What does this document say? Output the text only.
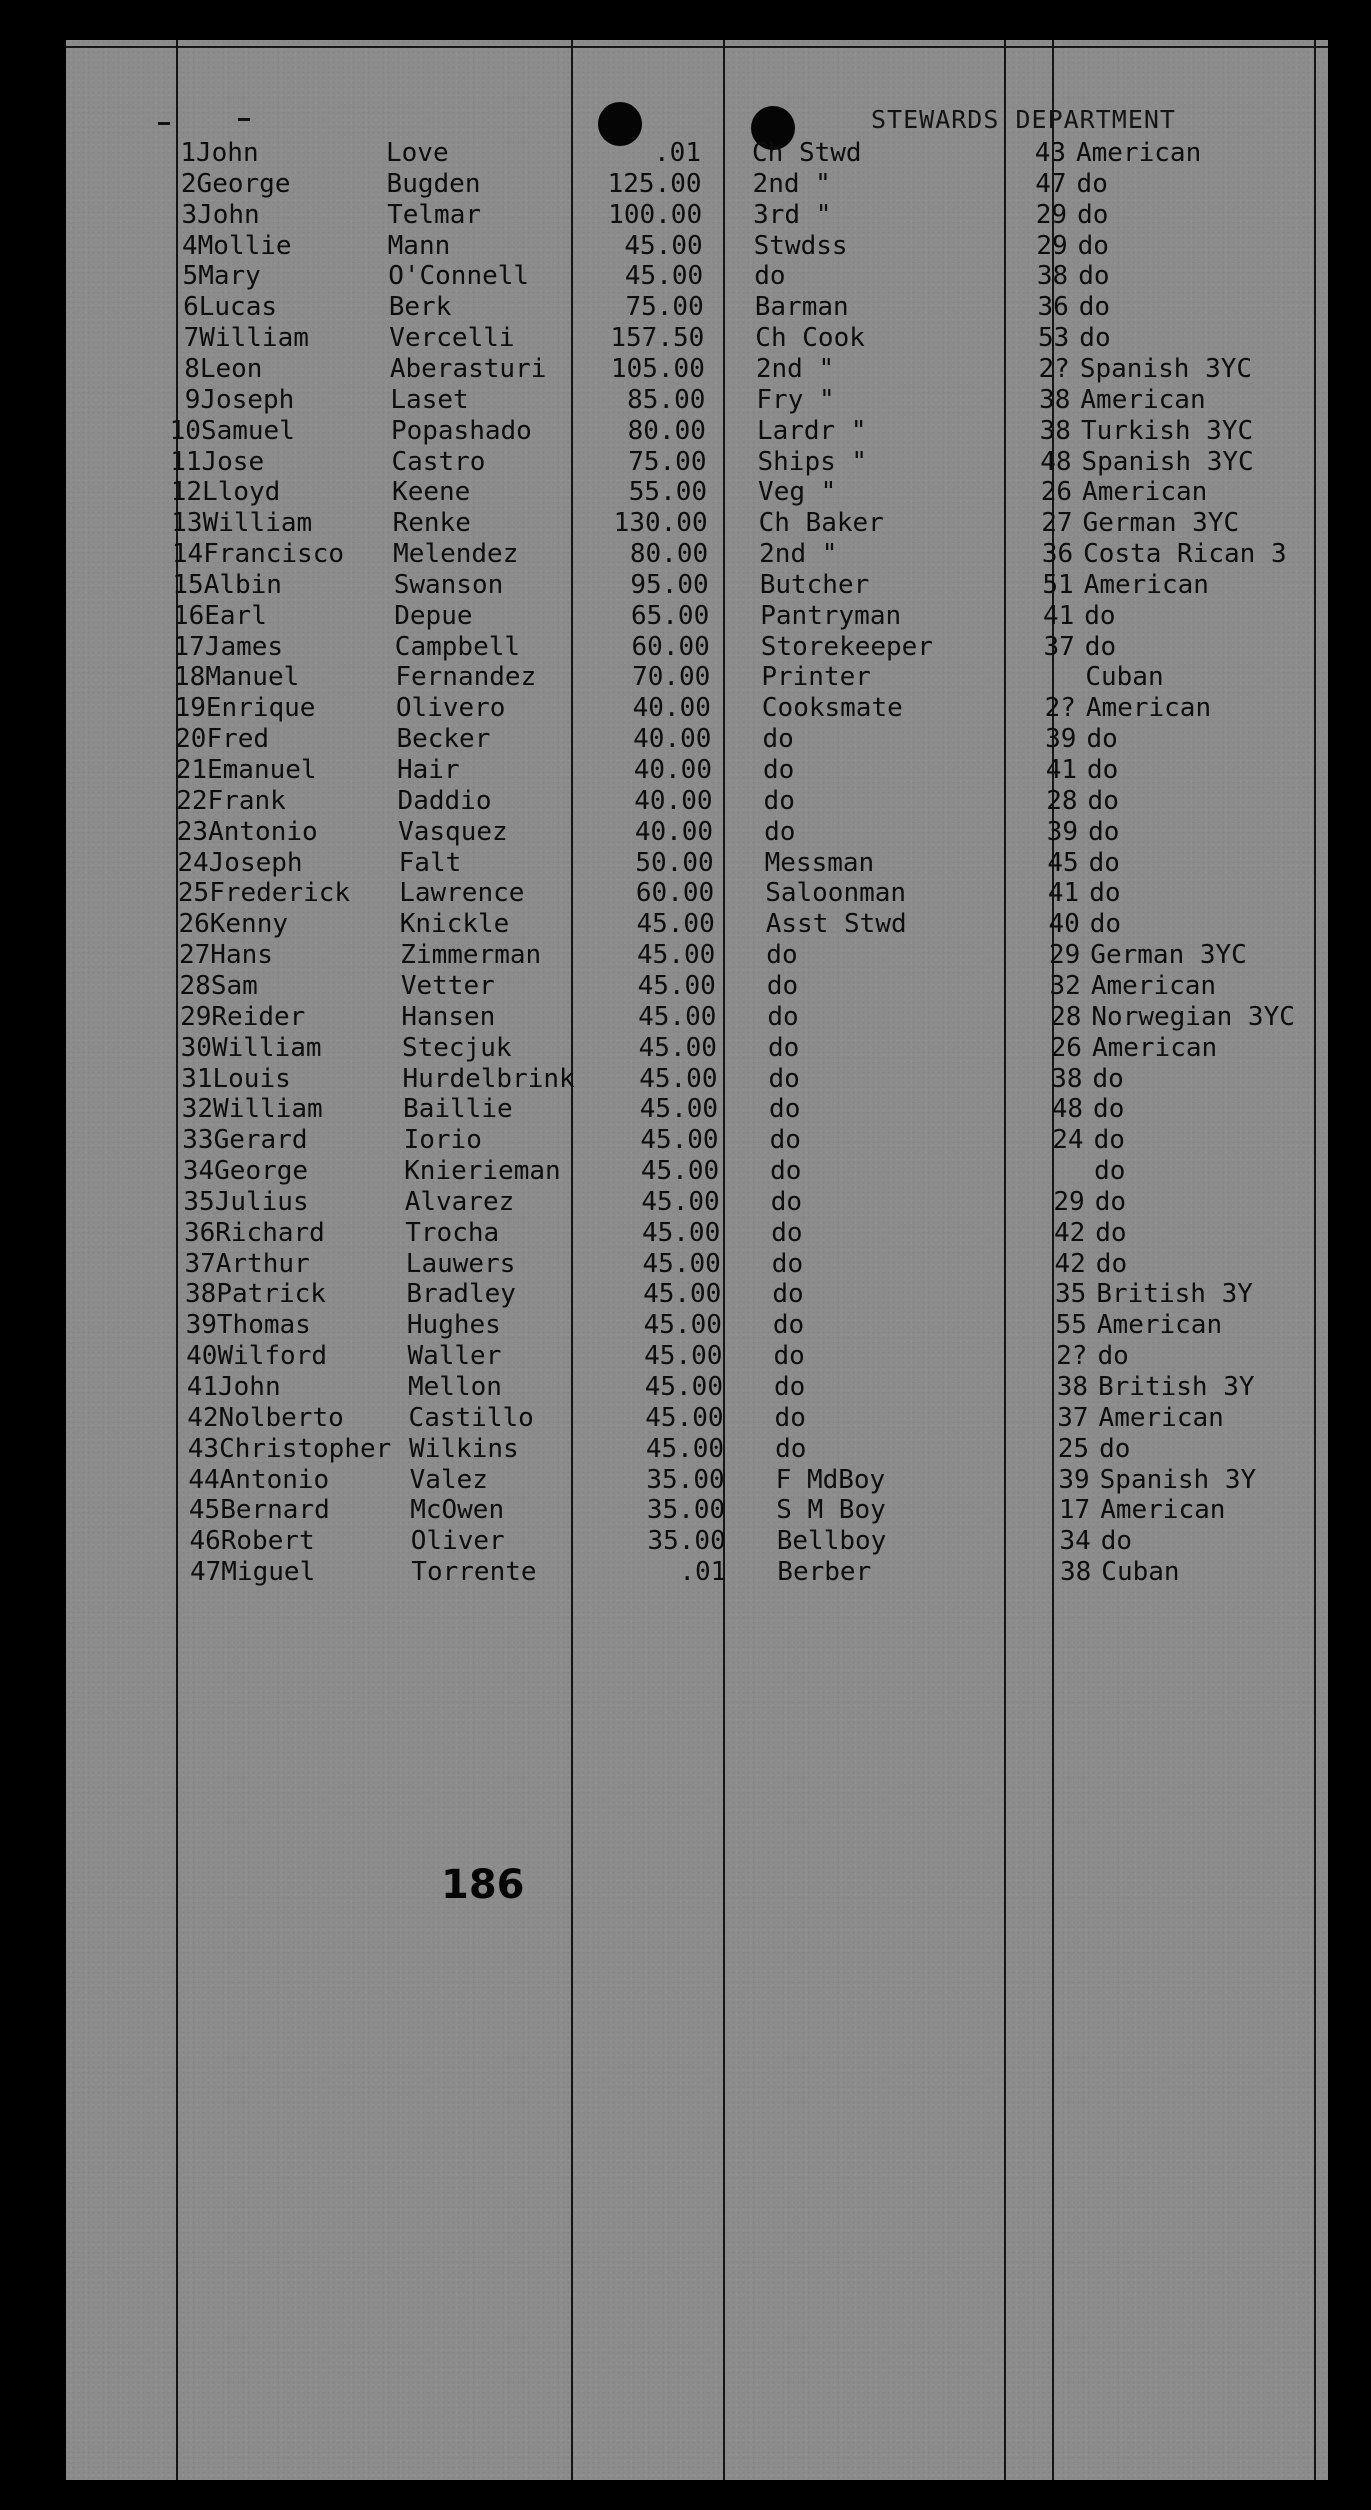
STEWARDS DEPARTMENT
1 John	Love	.01 Ch Stwd	43 American
2 George	Bugden	125.00 2nd "	47 do
3 John	Telmar	100.00 3rd "	29 do
4 Mollie	Mann	45.00 Stwdss	29 do
5 Mary	O'Connell	45.00 do	38 do
6 Lucas	Berk	75.00 Barman	36 do
7 William	Vercelli	157.50 Ch Cook	53 do
8 Leon	Aberasturi	105.00 2nd "	2? Spanish 3YC
9 Joseph	Laset	85.00 Fry "	38 American
10 Samuel	Popashado	80.00 Lardr "	38 Turkish 3YC
11 Jose	Castro	75.00 Ships "	48 Spanish 3YC
12 Lloyd	Keene	55.00 Veg "	26 American
13 William	Renke	130.00 Ch Baker	27 German 3YC
14 Francisco Melendez	80.00 2nd "	36 Costa Rican 3
15 Albin	Swanson	95.00 Butcher	51 American
16 Earl	Depue	65.00 Pantryman	41 do
17 James	Campbell	60.00 Storekeeper	37 do
18 Manuel	Fernandez	70.00 Printer	Cuban
19 Enrique	Olivero	40.00 Cooksmate	2? American
20 Fred	Becker	40.00 do	39 do
21 Emanuel	Hair	40.00 do	41 do
22 Frank	Daddio	40.00 do	28 do
23 Antonio	Vasquez	40.00 do	39 do
24 Joseph	Falt	50.00 Messman	45 do
25 Frederick Lawrence	60.00 Saloonman	41 do
26 Kenny	Knickle	45.00 Asst Stwd	40 do
27 Hans	Zimmerman	45.00 do	29 German 3YC
28 Sam	Vetter	45.00 do	32 American
29 Reider	Hansen	45.00 do	28 Norwegian 3YC
30 William	Stecjuk	45.00 do	26 American
31 Louis	Hurdelbrink	45.00 do	38 do
32 William	Baillie	45.00 do	48 do
33 Gerard	Iorio	45.00 do	24 do
34 George	Knierieman	45.00 do	do
35 Julius	Alvarez	45.00 do	29 do
36 Richard	Trocha	45.00 do	42 do
37 Arthur	Lauwers	45.00 do	42 do
38 Patrick	Bradley	45.00 do	35 British 3Y
39 Thomas	Hughes	45.00 do	55 American
40 Wilford	Waller	45.00 do	2? do
41 John	Mellon	45.00 do	38 British 3Y
42 Nolberto Castillo	45.00 do	37 American
43 Christopher Wilkins	45.00 do	25 do
44 Antonio	Valez	35.00 F MdBoy	39 Spanish 3Y
45 Bernard	McOwen	35.00 S M Boy	17 American
46 Robert	Oliver	35.00 Bellboy	34 do
47 Miguel	Torrente	.01 Berber	38 Cuban
186
